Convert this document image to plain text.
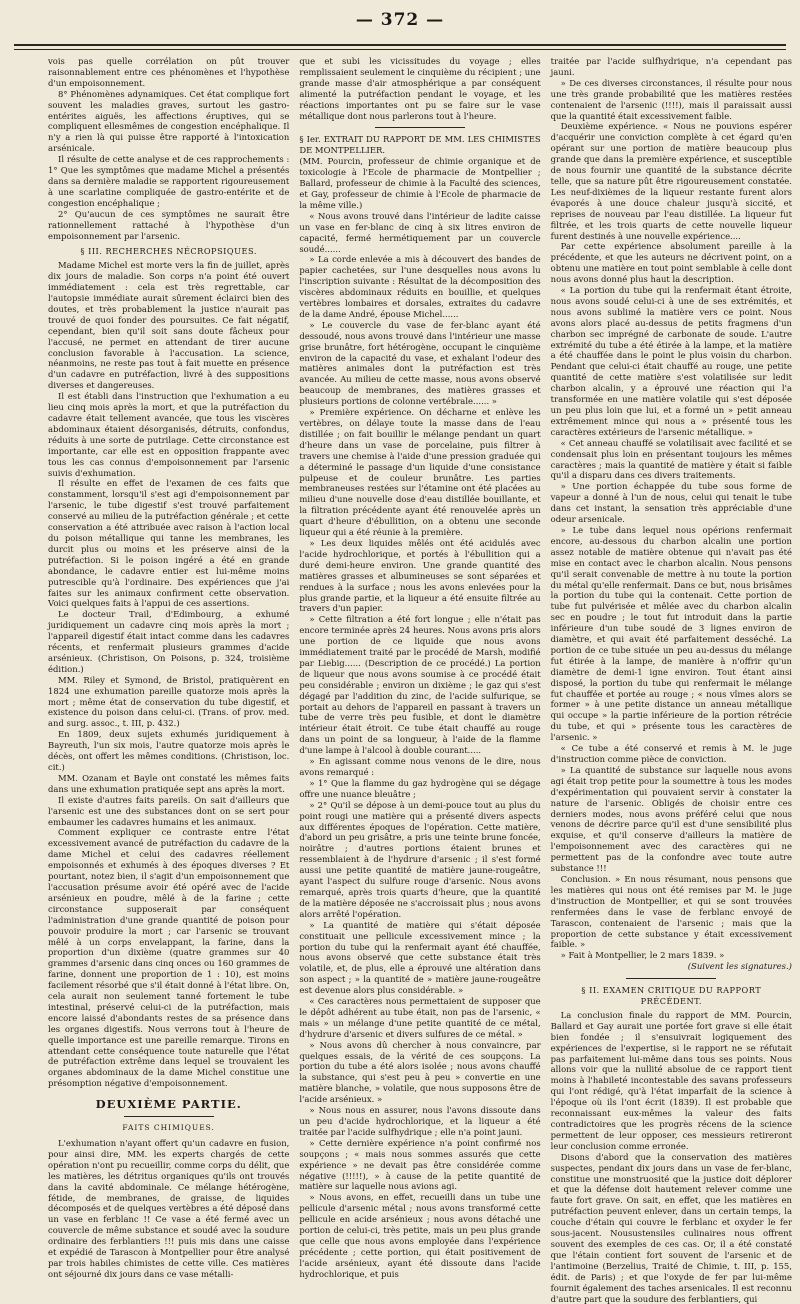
— 372 —

vois pas quelle corrélation on pût trouver raisonnablement entre ces phénomènes et l'hypothèse d'un empoisonnement.

8° Phénomènes adynamiques. Cet état complique fort souvent les maladies graves, surtout les gastro-entérites aiguës, les affections éruptives, qui se compliquent ellesmêmes de congestion encéphalique. Il n'y a rien là qui puisse être rapporté à l'intoxication arsénicale.

Il résulte de cette analyse et de ces rapprochements : 1° Que les symptômes que madame Michel a présentés dans sa dernière maladie se rapportent rigoureusement à une scarlatine compliquée de gastro-entérite et de congestion encéphalique ;

2° Qu'aucun de ces symptômes ne saurait être rationnellement rattaché à l'hypothèse d'un empoisonnement par l'arsenic.

§ III. RECHERCHES NÉCROPSIQUES.

Madame Michel est morte vers la fin de juillet, après dix jours de maladie. Son corps n'a point été ouvert immédiatement : cela est très regrettable, car l'autopsie immédiate aurait sûrement éclairci bien des doutes, et très probablement la justice n'aurait pas trouvé de quoi fonder des poursuites. Ce fait négatif, cependant, bien qu'il soit sans doute fâcheux pour l'accusé, ne permet en attendant de tirer aucune conclusion favorable à l'accusation. La science, néanmoins, ne reste pas tout à fait muette en présence d'un cadavre en putréfaction, livré à des suppositions diverses et dangereuses.

Il est établi dans l'instruction que l'exhumation a eu lieu cinq mois après la mort, et que la putréfaction du cadavre était tellement avancée, que tous les viscères abdominaux étaient désorganisés, détruits, confondus, réduits à une sorte de putrilage. Cette circonstance est importante, car elle est en opposition frappante avec tous les cas connus d'empoisonnement par l'arsenic suivis d'exhumation.

Il résulte en effet de l'examen de ces faits que constamment, lorsqu'il s'est agi d'empoisonnement par l'arsenic, le tube digestif s'est trouvé parfaitement conservé au milieu de la putréfaction générale ; et cette conservation a été attribuée avec raison à l'action local du poison métallique qui tanne les membranes, les durcit plus ou moins et les préserve ainsi de la putréfaction. Si le poison ingéré a été en grande abondance, le cadavre entier est lui-même moins putrescible qu'à l'ordinaire. Des expériences que j'ai faites sur les animaux confirment cette observation. Voici quelques faits à l'appui de ces assertions.

Le docteur Trail, d'Edimbourg, a exhumé juridiquement un cadavre cinq mois après la mort ; l'appareil digestif était intact comme dans les cadavres récents, et renfermait plusieurs grammes d'acide arsénieux. (Christison, On Poisons, p. 324, troisième édition.)

MM. Riley et Symond, de Bristol, pratiquèrent en 1824 une exhumation pareille quatorze mois après la mort ; même état de conservation du tube digestif, et existence du poison dans celui-ci. (Trans. of prov. med. and surg. assoc., t. III, p. 432.)

En 1809, deux sujets exhumés juridiquement à Bayreuth, l'un six mois, l'autre quatorze mois après le décès, ont offert les mêmes conditions. (Christison, loc. cit.)

MM. Ozanam et Bayle ont constaté les mêmes faits dans une exhumation pratiquée sept ans après la mort.

Il existe d'autres faits pareils. On sait d'ailleurs que l'arsenic est une des substances dont on se sert pour embaumer les cadavres humains et les animaux.

Comment expliquer ce contraste entre l'état excessivement avancé de putréfaction du cadavre de la dame Michel et celui des cadavres réellement empoisonnés et exhumés à des époques diverses ? Et pourtant, notez bien, il s'agit d'un empoisonnement que l'accusation présume avoir été opéré avec de l'acide arsénieux en poudre, mêlé à de la farine ; cette circonstance supposerait par conséquent l'administration d'une grande quantité de poison pour pouvoir produire la mort ; car l'arsenic se trouvant mêlé à un corps envelappant, la farine, dans la proportion d'un dixième (quatre grammes sur 40 grammes d'arsenic dans cinq onces ou 160 grammes de farine, donnent une proportion de 1 : 10), est moins facilement résorbé que s'il était donné à l'état libre. On, cela aurait non seulement tanné fortement le tube intestinal, préservé celui-ci de la putréfaction, mais encore laissé d'abondants restes de sa présence dans les organes digestifs. Nous verrons tout à l'heure de quelle importance est une pareille remarque. Tirons en attendant cette conséquence toute naturelle que l'état de putréfaction extrême dans lequel se trouvaient les organes abdominaux de la dame Michel constitue une présomption négative d'empoisonnement.

DEUXIÈME PARTIE.

FAITS CHIMIQUES.

L'exhumation n'ayant offert qu'un cadavre en fusion, pour ainsi dire, MM. les experts chargés de cette opération n'ont pu recueillir, comme corps du délit, que les matières, les détritus organiques qu'ils ont trouvés dans la cavité abdominale. Ce mélange hétérogène, fétide, de membranes, de graisse, de liquides décomposés et de quelques vertèbres a été déposé dans un vase en ferblanc !! Ce vase a été fermé avec un couvercle de même substance et soudé avec la soudure ordinaire des ferblantiers !!! puis mis dans une caisse et expédié de Tarascon à Montpellier pour être analysé par trois habiles chimistes de cette ville. Ces matières ont séjourné dix jours dans ce vase métalli-

que et subi les vicissitudes du voyage ; elles remplissaient seulement le cinquième du récipient ; une grande masse d'air atmosphérique a par conséquent alimenté la putréfaction pendant le voyage, et les réactions importantes ont pu se faire sur le vase métallique dont nous parlerons tout à l'heure.

§ Ier. EXTRAIT DU RAPPORT DE MM. LES CHIMISTES DE MONTPELLIER.

(MM. Pourcin, professeur de chimie organique et de toxicologie à l'Ecole de pharmacie de Montpellier ; Ballard, professeur de chimie à la Faculté des sciences, et Gay, professeur de chimie à l'Ecole de pharmacie de la même ville.)

« Nous avons trouvé dans l'intérieur de ladite caisse un vase en fer-blanc de cinq à six litres environ de capacité, fermé hermétiquement par un couvercle soudé......

» La corde enlevée a mis à découvert des bandes de papier cachetées, sur l'une desquelles nous avons lu l'inscription suivante : Résultat de la décomposition des viscères abdominaux réduits en bouillie, et quelques vertèbres lombaires et dorsales, extraites du cadavre de la dame André, épouse Michel......

» Le couvercle du vase de fer-blanc ayant été dessoudé, nous avons trouvé dans l'intérieur une masse grise brunâtre, fort hétérogène, occupant le cinquième environ de la capacité du vase, et exhalant l'odeur des matières animales dont la putréfaction est très avancée. Au milieu de cette masse, nous avons observé beaucoup de membranes, des matières grasses et plusieurs portions de colonne vertébrale...... »

» Première expérience. On décharne et enlève les vertèbres, on délaye toute la masse dans de l'eau distillée ; on fait bouillir le mélange pendant un quart d'heure dans un vase de porcelaine, puis filtrer à travers une chemise à l'aide d'une pression graduée qui a déterminé le passage d'un liquide d'une consistance pulpeuse et de couleur brunâtre. Les parties membraneuses restées sur l'étamine ont été placées au milieu d'une nouvelle dose d'eau distillée bouillante, et la filtration précédente ayant été renouvelée après un quart d'heure d'ébullition, on a obtenu une seconde liqueur qui a été réunie à la première.

» Les deux liquides mêlés ont été acidulés avec l'acide hydrochlorique, et portés à l'ébullition qui a duré demi-heure environ. Une grande quantité des matières grasses et albumineuses se sont séparées et rendues à la surface ; nous les avons enlevées pour la plus grande partie, et la liqueur a été ensuite filtrée au travers d'un papier.

» Cette filtration a été fort longue ; elle n'était pas encore terminée après 24 heures. Nous avons pris alors une portion de ce liquide que nous avons immédiatement traité par le procédé de Marsh, modifié par Liebig...... (Description de ce procédé.) La portion de liqueur que nous avons soumise à ce procédé était peu considérable ; environ un dixième ; le gaz qui s'est dégagé par l'addition du zinc, de l'acide sulfurique, se portait au dehors de l'appareil en passant à travers un tube de verre très peu fusible, et dont le diamètre intérieur était étroit. Ce tube était chauffé au rouge dans un point de sa longueur, à l'aide de la flamme d'une lampe à l'alcool à double courant.....

» En agissant comme nous venons de le dire, nous avons remarqué :

» 1° Que la flamme du gaz hydrogène qui se dégage offre une nuance bleuâtre ;

» 2° Qu'il se dépose à un demi-pouce tout au plus du point rougi une matière qui a présenté divers aspects aux différentes époques de l'opération. Cette matière, d'abord un peu grisâtre, a pris une teinte brune foncée, noirâtre ; d'autres portions étaient brunes et ressemblaient à de l'hydrure d'arsenic ; il s'est formé aussi une petite quantité de matière jaune-rougeâtre, ayant l'aspect du sulfure rouge d'arsenic. Nous avons remarqué, après trois quarts d'heure, que la quantité de la matière déposée ne s'accroissait plus ; nous avons alors arrêté l'opération.

» La quantité de matière qui s'était déposée constituait une pellicule excessivement mince ; la portion du tube qui la renfermait ayant été chauffée, nous avons observé que cette substance était très volatile, et, de plus, elle a éprouvé une altération dans son aspect ; » la quantité de » matière jaune-rougeâtre est devenue alors plus considérable. »

« Ces caractères nous permettaient de supposer que le dépôt adhérent au tube était, non pas de l'arsenic, « mais » un mélange d'une petite quantité de ce métal, d'hydrure d'arsenic et divers sulfures de ce métal. »

» Nous avons dû chercher à nous convaincre, par quelques essais, de la vérité de ces soupçons. La portion du tube a été alors isolée ; nous avons chauffé la substance, qui s'est peu à peu » convertie en une matière blanche, » volatile, que nous supposons être de l'acide arsénieux. »

» Nous nous en assurer, nous l'avons dissoute dans un peu d'acide hydrochlorique, et la liqueur a été traitée par l'acide sulfhydrique ; elle n'a point jauni.

» Cette dernière expérience n'a point confirmé nos soupçons ; « mais nous sommes assurés que cette expérience » ne devait pas être considérée comme négative (!!!!!), » à cause de la petite quantité de matière sur laquelle nous avions agi.

» Nous avons, en effet, recueilli dans un tube une pellicule d'arsenic métal ; nous avons transformé cette pellicule en acide arsénieux ; nous avons détaché une portion de celui-ci, très petite, mais un peu plus grande que celle que nous avons employée dans l'expérience précédente ; cette portion, qui était positivement de l'acide arsénieux, ayant été dissoute dans l'acide hydrochlorique, et puis

traitée par l'acide sulfhydrique, n'a cependant pas jauni.

» De ces diverses circonstances, il résulte pour nous une très grande probabilité que les matières restées contenaient de l'arsenic (!!!!), mais il paraissait aussi que la quantité était excessivement faible.

Deuxième expérience. « Nous ne pouvions espérer d'acquérir une conviction complète à cet égard qu'en opérant sur une portion de matière beaucoup plus grande que dans la première expérience, et susceptible de nous fournir une quantité de la substance décrite telle, que sa nature pût être rigoureusement constatée. Les neuf-dixièmes de la liqueur restante furent alors évaporés à une douce chaleur jusqu'à siccité, et reprises de nouveau par l'eau distillée. La liqueur fut filtrée, et les trois quarts de cette nouvelle liqueur furent destinés à une nouvelle expérience....

Par cette expérience absolument pareille à la précédente, et que les auteurs ne décrivent point, on a obtenu une matière en tout point semblable à celle dont nous avons donné plus haut la description.

« La portion du tube qui la renfermait étant étroite, nous avons soudé celui-ci à une de ses extrémités, et nous avons sublimé la matière vers ce point. Nous avons alors placé au-dessus de petits fragmens d'un charbon sec imprégné de carbonate de soude. L'autre extrémité du tube a été étirée à la lampe, et la matière a été chauffée dans le point le plus voisin du charbon. Pendant que celui-ci était chauffé au rouge, une petite quantité de cette matière s'est volatilisée sur ledit charbon alcalin, y a éprouvé une réaction qui l'a transformée en une matière volatile qui s'est déposée un peu plus loin que lui, et a formé un » petit anneau extrêmement mince qui nous a » présenté tous les caractères extérieurs de l'arsenic métallique. »

« Cet anneau chauffé se volatilisait avec facilité et se condensait plus loin en présentant toujours les mêmes caractères ; mais la quantité de matière y était si faible qu'il a disparu dans ces divers traitements.

» Une portion échappée du tube sous forme de vapeur a donné à l'un de nous, celui qui tenait le tube dans cet instant, la sensation très appréciable d'une odeur arsenicale.

» Le tube dans lequel nous opérions renfermait encore, au-dessous du charbon alcalin une portion assez notable de matière obtenue qui n'avait pas été mise en contact avec le charbon alcalin. Nous pensons qu'il serait convenable de mettre à nu toute la portion du métal qu'elle renfermait. Dans ce but, nous brisâmes la portion du tube qui la contenait. Cette portion de tube fut pulvérisée et mêlée avec du charbon alcalin sec en poudre ; le tout fut introduit dans la partie inférieure d'un tube soudé de 3 lignes environ de diamètre, et qui avait été parfaitement desséché. La portion de ce tube située un peu au-dessus du mélange fut étirée à la lampe, de manière à n'offrir qu'un diamètre de demi-1 igne environ. Tout étant ainsi disposé, la portion du tube qui renfermait le mélange fut chauffée et portée au rouge ; « nous vîmes alors se former » à une petite distance un anneau métallique qui occupe » la partie inférieure de la portion rétrécie du tube, et qui » présente tous les caractères de l'arsenic. »

« Ce tube a été conservé et remis à M. le juge d'instruction comme pièce de conviction.

» La quantité de substance sur laquelle nous avons agi était trop petite pour la soumettre à tous les modes d'expérimentation qui pouvaient servir à constater la nature de l'arsenic. Obligés de choisir entre ces derniers modes, nous avons préféré celui que nous venons de décrire parce qu'il est d'une sensibilité plus exquise, et qu'il conserve d'ailleurs la matière de l'empoisonnement avec des caractères qui ne permettent pas de la confondre avec toute autre substance !!!

Conclusion. » En nous résumant, nous pensons que les matières qui nous ont été remises par M. le juge d'instruction de Montpellier, et qui se sont trouvées renfermées dans le vase de ferblanc envoyé de Tarascon, contenaient de l'arsenic ; mais que la proportion de cette substance y était excessivement faible. »

» Fait à Montpellier, le 2 mars 1839. »

(Suivent les signatures.)

§ II. EXAMEN CRITIQUE DU RAPPORT PRÉCÉDENT.

La conclusion finale du rapport de MM. Pourcin, Ballard et Gay aurait une portée fort grave si elle était bien fondée ; il s'ensuivrait logiquement des expériences de l'expertise, si le rapport ne se réfutait pas parfaitement lui-même dans tous ses points. Nous allons voir que la nullité absolue de ce rapport tient moins à l'habileté incontestable des savans professeurs qui l'ont rédigé, qu'à l'état imparfait de la science à l'époque où ils l'ont écrit (1839). Il est probable que reconnaissant eux-mêmes la valeur des faits contradictoires que les progrès récens de la science permettent de leur opposer, ces messieurs retireront leur conclusion comme erronée.

Disons d'abord que la conservation des matières suspectes, pendant dix jours dans un vase de fer-blanc, constitue une monstruosité que la justice doit déplorer et que la défense doit hautement relever comme une faute fort grave. On sait, en effet, que les matières en putréfaction peuvent enlever, dans un certain temps, la couche d'étain qui couvre le ferblanc et oxyder le fer sous-jacent. Nousustensiles culinaires nous offrent souvent des exemples de ces cas. Or, il a été constaté que l'étain contient fort souvent de l'arsenic et de l'antimoine (Berzelius, Traité de Chimie, t. III, p. 155, édit. de Paris) ; et que l'oxyde de fer par lui-même fournit également des taches arsenicales. Il est reconnu d'autre part que la soudure des ferblantiers, qui
